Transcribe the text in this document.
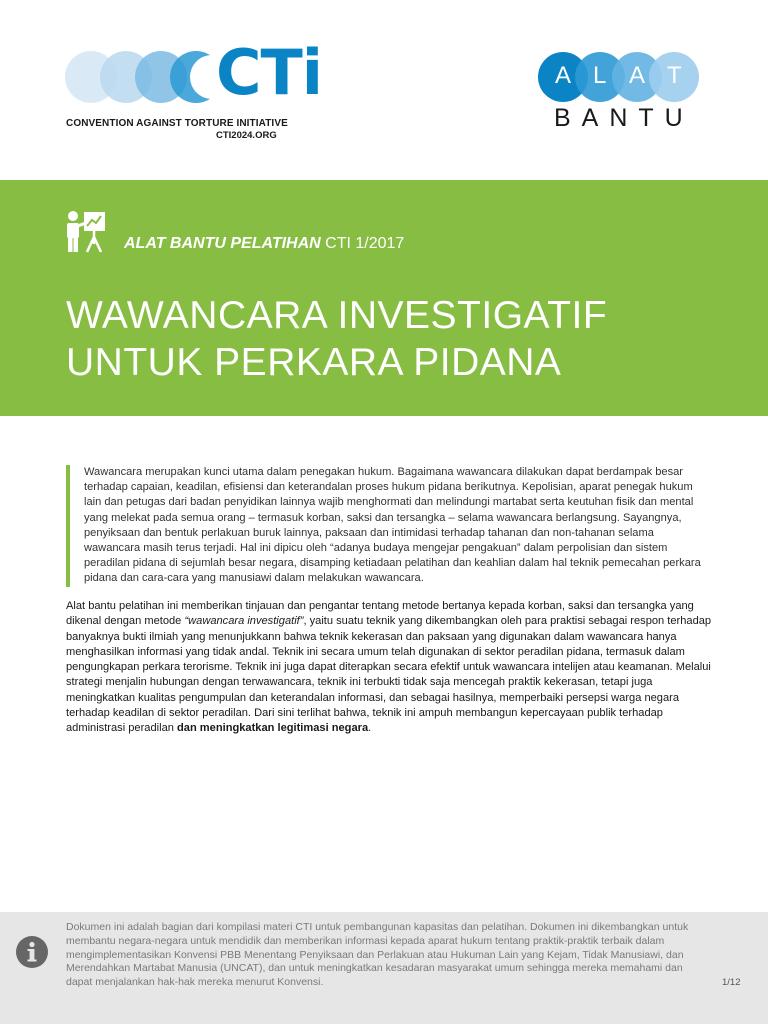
CTi
CONVENTION AGAINST TORTURE INITIATIVE
CTI2024.ORG
A L A T
BANTU
ALAT BANTU PELATIHAN CTI 1/2017
WAWANCARA INVESTIGATIF
UNTUK PERKARA PIDANA

Wawancara merupakan kunci utama dalam penegakan hukum. Bagaimana wawancara dilakukan dapat berdampak besar terhadap capaian, keadilan, efisiensi dan keterandalan proses hukum pidana berikutnya. Kepolisian, aparat penegak hukum lain dan petugas dari badan penyidikan lainnya wajib menghormati dan melindungi martabat serta keutuhan fisik dan mental yang melekat pada semua orang – termasuk korban, saksi dan tersangka – selama wawancara berlangsung. Sayangnya, penyiksaan dan bentuk perlakuan buruk lainnya, paksaan dan intimidasi terhadap tahanan dan non-tahanan selama wawancara masih terus terjadi. Hal ini dipicu oleh “adanya budaya mengejar pengakuan” dalam perpolisian dan sistem peradilan pidana di sejumlah besar negara, disamping ketiadaan pelatihan dan keahlian dalam hal teknik pemecahan perkara pidana dan cara-cara yang manusiawi dalam melakukan wawancara.

Alat bantu pelatihan ini memberikan tinjauan dan pengantar tentang metode bertanya kepada korban, saksi dan tersangka yang dikenal dengan metode “wawancara investigatif”, yaitu suatu teknik yang dikembangkan oleh para praktisi sebagai respon terhadap banyaknya bukti ilmiah yang menunjukkann bahwa teknik kekerasan dan paksaan yang digunakan dalam wawancara hanya menghasilkan informasi yang tidak andal. Teknik ini secara umum telah digunakan di sektor peradilan pidana, termasuk dalam pengungkapan perkara terorisme. Teknik ini juga dapat diterapkan secara efektif untuk wawancara intelijen atau keamanan. Melalui strategi menjalin hubungan dengan terwawancara, teknik ini terbukti tidak saja mencegah praktik kekerasan, tetapi juga meningkatkan kualitas pengumpulan dan keterandalan informasi, dan sebagai hasilnya, memperbaiki persepsi warga negara terhadap keadilan di sektor peradilan. Dari sini terlihat bahwa, teknik ini ampuh membangun kepercayaan publik terhadap administrasi peradilan dan meningkatkan legitimasi negara.

Dokumen ini adalah bagian dari kompilasi materi CTI untuk pembangunan kapasitas dan pelatihan. Dokumen ini dikembangkan untuk membantu negara-negara untuk mendidik dan memberikan informasi kepada aparat hukum tentang praktik-praktik terbaik dalam mengimplementasikan Konvensi PBB Menentang Penyiksaan dan Perlakuan atau Hukuman Lain yang Kejam, Tidak Manusiawi, dan Merendahkan Martabat Manusia (UNCAT), dan untuk meningkatkan kesadaran masyarakat umum sehingga mereka memahami dan dapat menjalankan hak-hak mereka menurut Konvensi.	1/12
